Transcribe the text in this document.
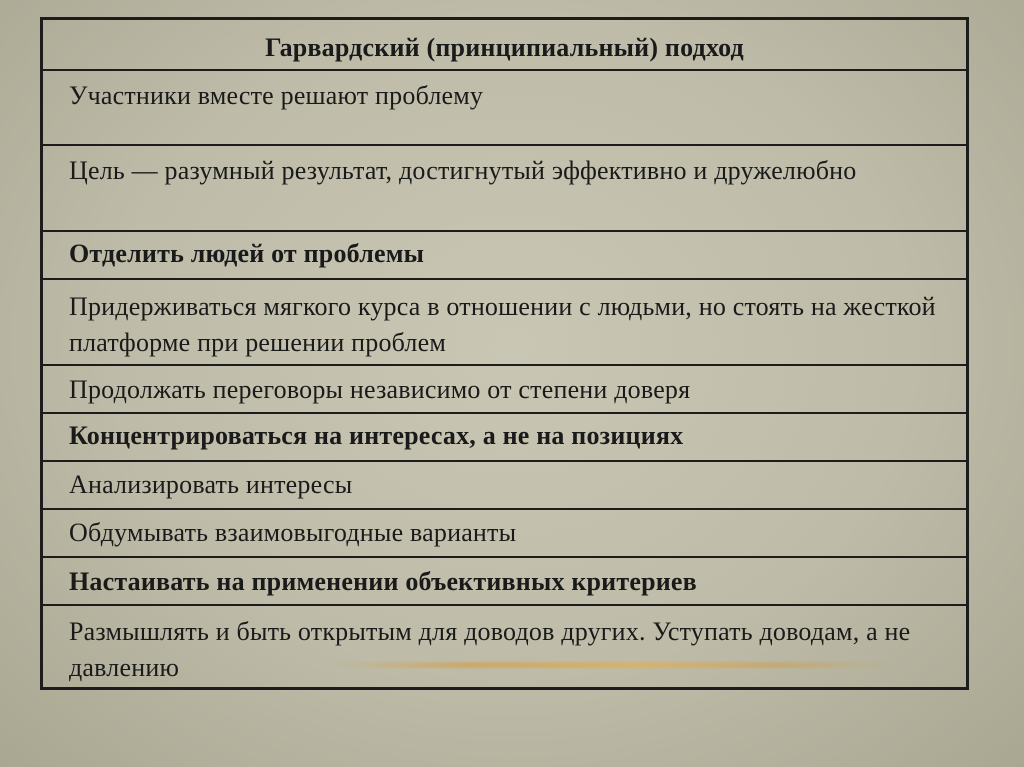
Гарвардский (принципиальный) подход
Участники вместе решают проблему
Цель — разумный результат, достигнутый эффективно и дружелюбно
Отделить людей от проблемы
Придерживаться мягкого курса в отношении с людьми, но стоять на жесткой платформе при решении проблем
Продолжать переговоры независимо от степени доверя
Концентрироваться на интересах, а не на позициях
Анализировать интересы
Обдумывать взаимовыгодные варианты
Настаивать на применении объективных критериев
Размышлять и быть открытым для доводов других. Уступать доводам, а не давлению
